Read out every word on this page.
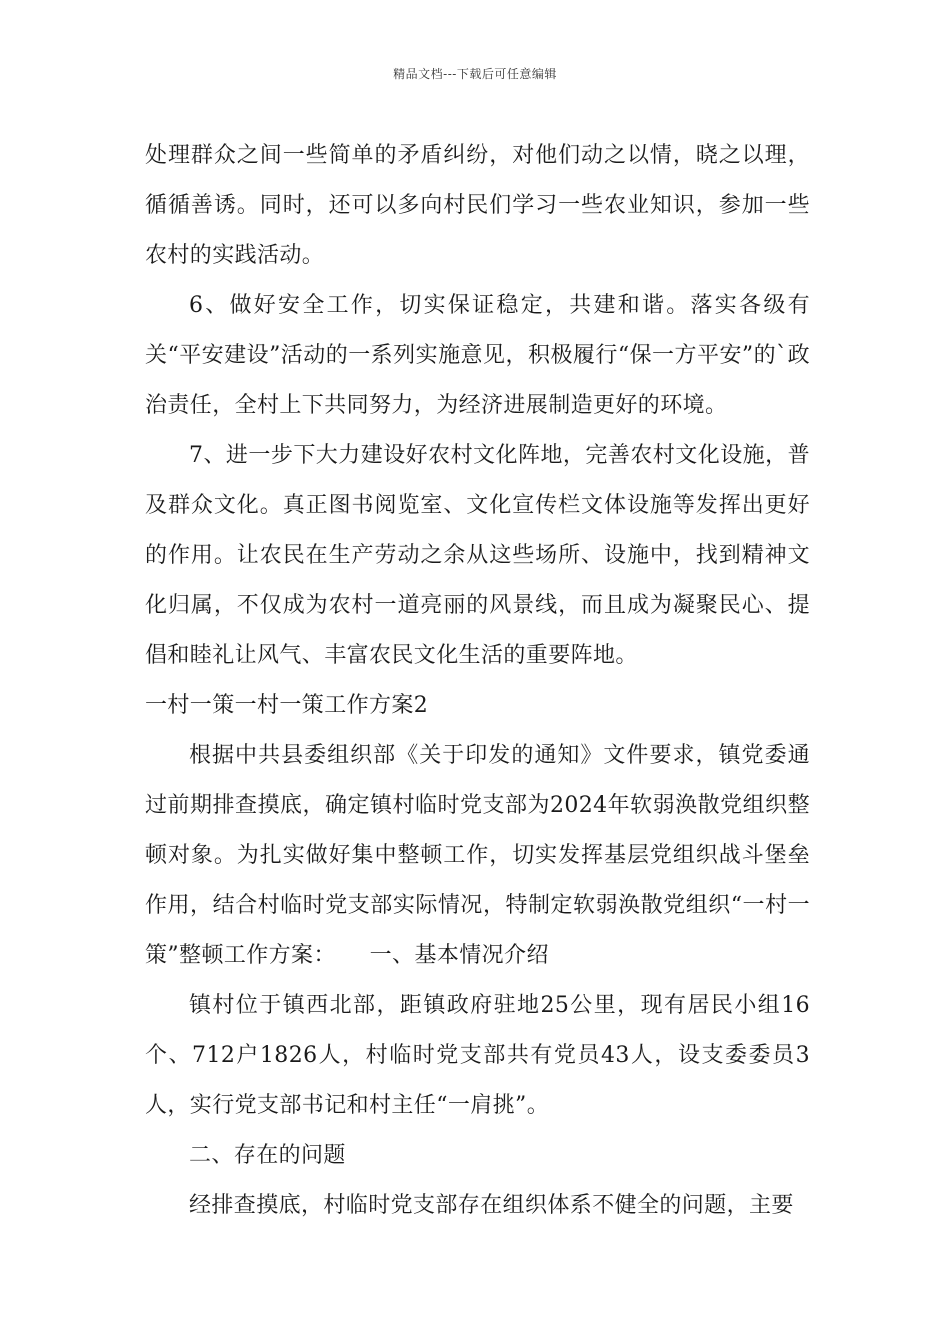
精品文档---下载后可任意编辑

处理群众之间一些简单的矛盾纠纷，对他们动之以情，晓之以理，循循善诱。同时，还可以多向村民们学习一些农业知识，参加一些农村的实践活动。

6、做好安全工作，切实保证稳定，共建和谐。落实各级有关“平安建设”活动的一系列实施意见，积极履行“保一方平安”的`政治责任，全村上下共同努力，为经济进展制造更好的环境。

7、进一步下大力建设好农村文化阵地，完善农村文化设施，普及群众文化。真正图书阅览室、文化宣传栏文体设施等发挥出更好的作用。让农民在生产劳动之余从这些场所、设施中，找到精神文化归属，不仅成为农村一道亮丽的风景线，而且成为凝聚民心、提倡和睦礼让风气、丰富农民文化生活的重要阵地。

一村一策一村一策工作方案2

根据中共县委组织部《关于印发的通知》文件要求，镇党委通过前期排查摸底，确定镇村临时党支部为2024年软弱涣散党组织整顿对象。为扎实做好集中整顿工作，切实发挥基层党组织战斗堡垒作用，结合村临时党支部实际情况，特制定软弱涣散党组织“一村一策”整顿工作方案：　　一、基本情况介绍

镇村位于镇西北部，距镇政府驻地25公里，现有居民小组16个、712户1826人，村临时党支部共有党员43人，设支委委员3人，实行党支部书记和村主任“一肩挑”。

二、存在的问题

经排查摸底，村临时党支部存在组织体系不健全的问题，主要
